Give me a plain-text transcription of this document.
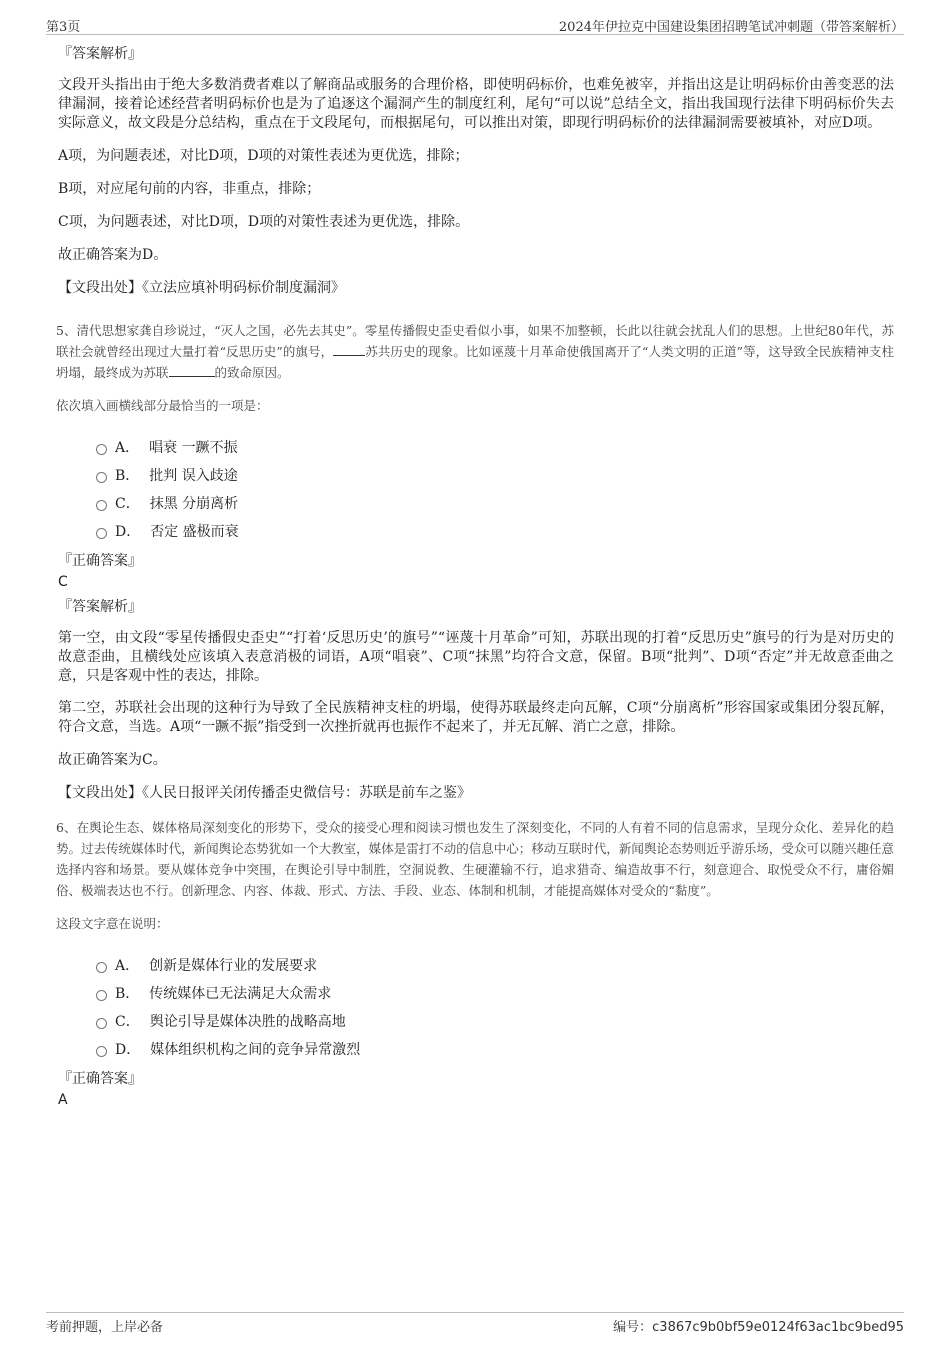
第3页	2024年伊拉克中国建设集团招聘笔试冲刺题（带答案解析）
『答案解析』
文段开头指出由于绝大多数消费者难以了解商品或服务的合理价格，即使明码标价，也难免被宰，并指出这是让明码标价由善变恶的法律漏洞，接着论述经营者明码标价也是为了追逐这个漏洞产生的制度红利，尾句“可以说”总结全文，指出我国现行法律下明码标价失去实际意义，故文段是分总结构，重点在于文段尾句，而根据尾句，可以推出对策，即现行明码标价的法律漏洞需要被填补，对应D项。
A项，为问题表述，对比D项，D项的对策性表述为更优选，排除；
B项，对应尾句前的内容，非重点，排除；
C项，为问题表述，对比D项，D项的对策性表述为更优选，排除。
故正确答案为D。
【文段出处】《立法应填补明码标价制度漏洞》
5、清代思想家龚自珍说过，“灭人之国，必先去其史”。零星传播假史歪史看似小事，如果不加整顿，长此以往就会扰乱人们的思想。上世纪80年代，苏联社会就曾经出现过大量打着“反思历史”的旗号，	苏共历史的现象。比如诬蔑十月革命使俄国离开了“人类文明的正道”等，这导致全民族精神支柱坍塌，最终成为苏联	的致命原因。
依次填入画横线部分最恰当的一项是：
A． 唱衰 一蹶不振
B． 批判 误入歧途
C． 抹黑 分崩离析
D． 否定 盛极而衰
『正确答案』
C
『答案解析』
第一空，由文段“零星传播假史歪史”“打着‘反思历史’的旗号”“诬蔑十月革命”可知，苏联出现的打着“反思历史”旗号的行为是对历史的故意歪曲，且横线处应该填入表意消极的词语，A项“唱衰”、C项“抹黑”均符合文意，保留。B项“批判”、D项“否定”并无故意歪曲之意，只是客观中性的表达，排除。
第二空，苏联社会出现的这种行为导致了全民族精神支柱的坍塌，使得苏联最终走向瓦解，C项“分崩离析”形容国家或集团分裂瓦解，符合文意，当选。A项“一蹶不振”指受到一次挫折就再也振作不起来了，并无瓦解、消亡之意，排除。
故正确答案为C。
【文段出处】《人民日报评关闭传播歪史微信号：苏联是前车之鉴》
6、在舆论生态、媒体格局深刻变化的形势下，受众的接受心理和阅读习惯也发生了深刻变化，不同的人有着不同的信息需求，呈现分众化、差异化的趋势。过去传统媒体时代，新闻舆论态势犹如一个大教室，媒体是雷打不动的信息中心；移动互联时代，新闻舆论态势则近乎游乐场，受众可以随兴趣任意选择内容和场景。要从媒体竞争中突围，在舆论引导中制胜，空洞说教、生硬灌输不行，追求猎奇、编造故事不行，刻意迎合、取悦受众不行，庸俗媚俗、极端表达也不行。创新理念、内容、体裁、形式、方法、手段、业态、体制和机制，才能提高媒体对受众的“黏度”。
这段文字意在说明：
A． 创新是媒体行业的发展要求
B． 传统媒体已无法满足大众需求
C． 舆论引导是媒体决胜的战略高地
D． 媒体组织机构之间的竞争异常激烈
『正确答案』
A
考前押题，上岸必备	编号：c3867c9b0bf59e0124f63ac1bc9bed95
